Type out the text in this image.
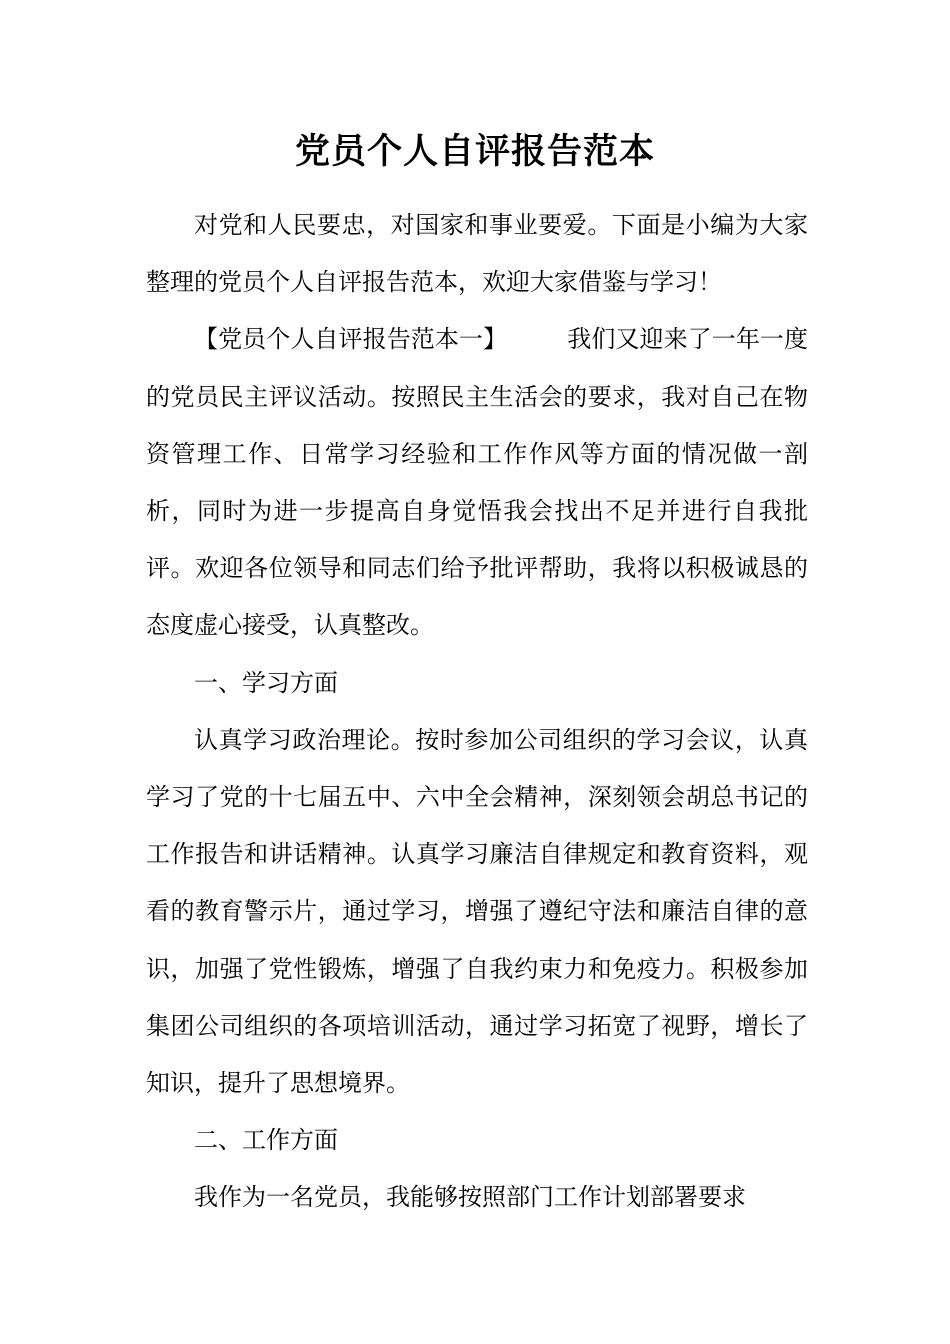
党员个人自评报告范本

对党和人民要忠，对国家和事业要爱。下面是小编为大家整理的党员个人自评报告范本，欢迎大家借鉴与学习！

【党员个人自评报告范本一】	我们又迎来了一年一度的党员民主评议活动。按照民主生活会的要求，我对自己在物资管理工作、日常学习经验和工作作风等方面的情况做一剖析，同时为进一步提高自身觉悟我会找出不足并进行自我批评。欢迎各位领导和同志们给予批评帮助，我将以积极诚恳的态度虚心接受，认真整改。

一、学习方面

认真学习政治理论。按时参加公司组织的学习会议，认真学习了党的十七届五中、六中全会精神，深刻领会胡总书记的工作报告和讲话精神。认真学习廉洁自律规定和教育资料，观看的教育警示片，通过学习，增强了遵纪守法和廉洁自律的意识，加强了党性锻炼，增强了自我约束力和免疫力。积极参加集团公司组织的各项培训活动，通过学习拓宽了视野，增长了知识，提升了思想境界。

二、工作方面

我作为一名党员，我能够按照部门工作计划部署要求
